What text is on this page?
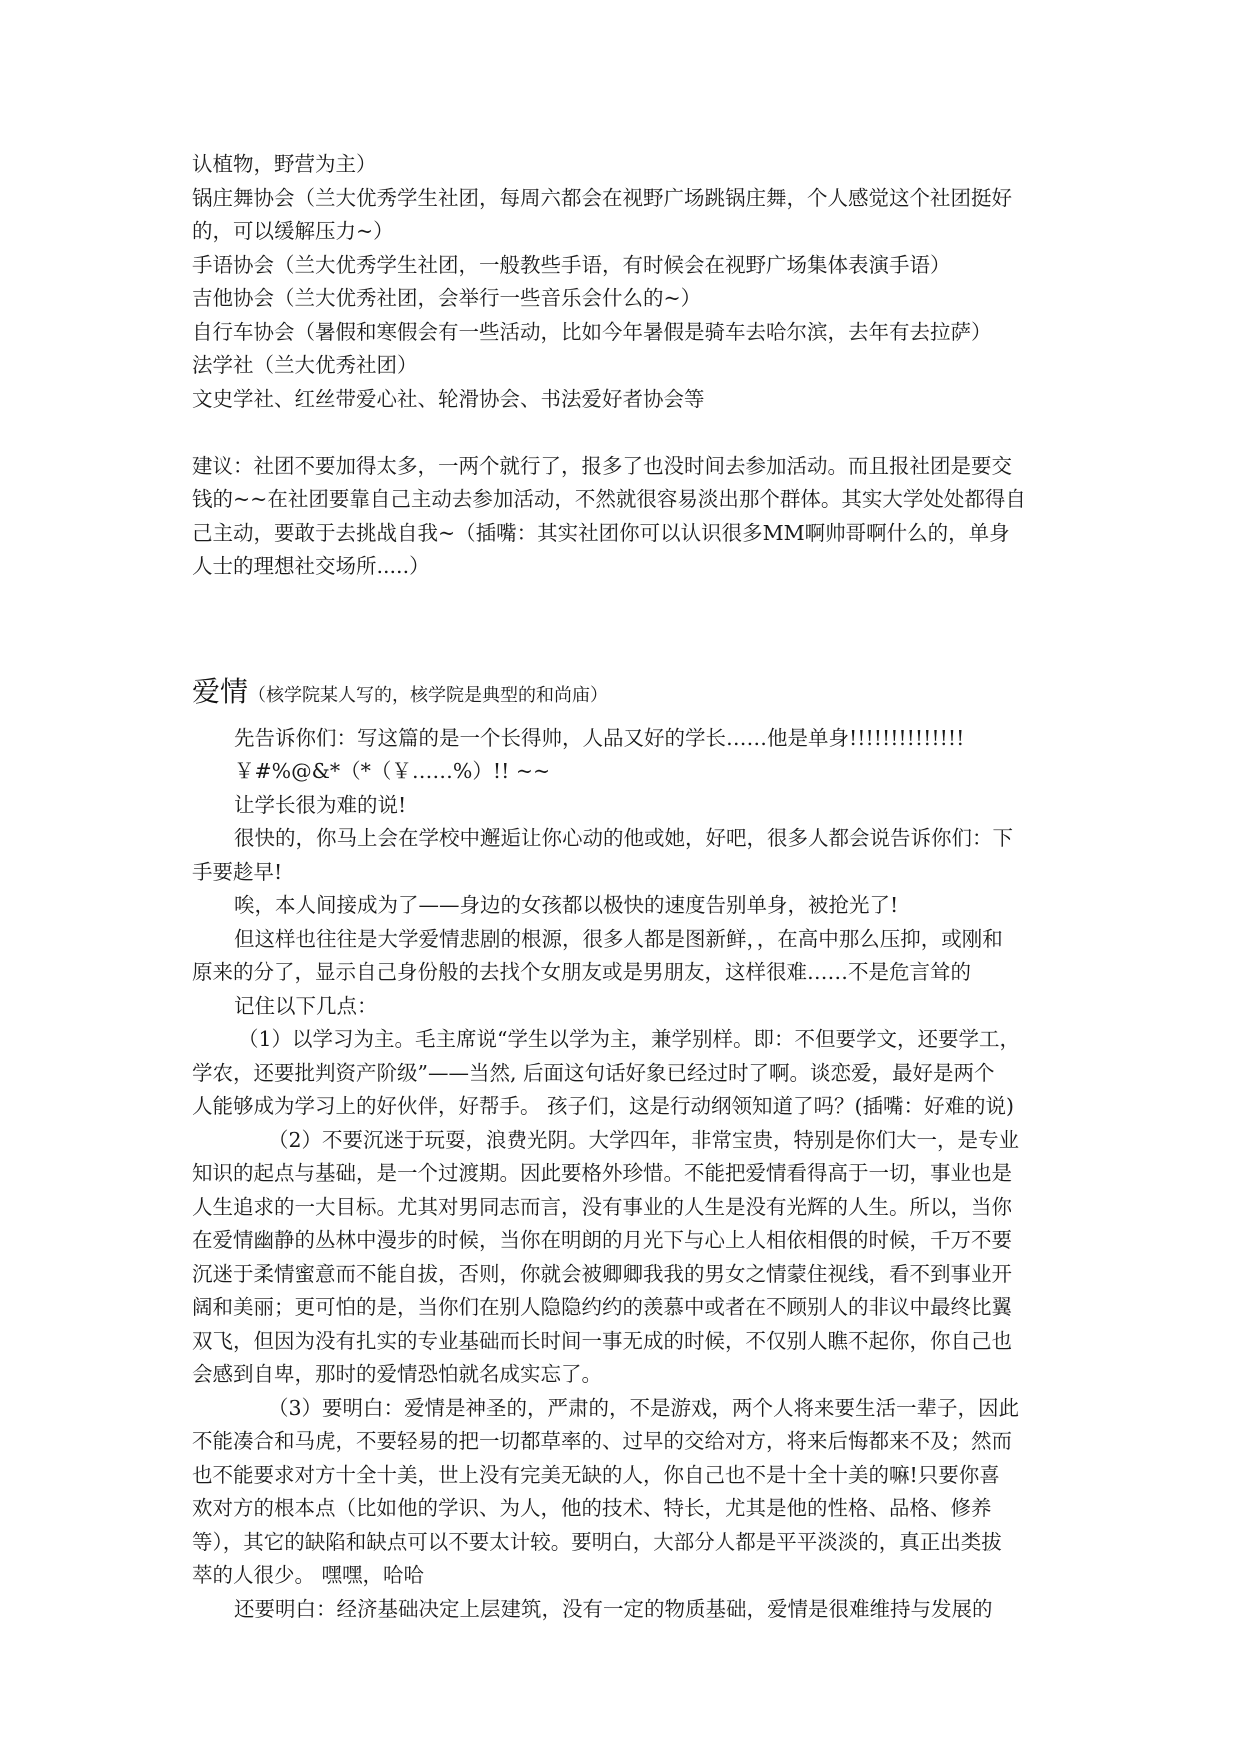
认植物，野营为主）
锅庄舞协会（兰大优秀学生社团，每周六都会在视野广场跳锅庄舞，个人感觉这个社团挺好
的，可以缓解压力~）
手语协会（兰大优秀学生社团，一般教些手语，有时候会在视野广场集体表演手语）
吉他协会（兰大优秀社团，会举行一些音乐会什么的~）
自行车协会（暑假和寒假会有一些活动，比如今年暑假是骑车去哈尔滨，去年有去拉萨）
法学社（兰大优秀社团）
文史学社、红丝带爱心社、轮滑协会、书法爱好者协会等
建议：社团不要加得太多，一两个就行了，报多了也没时间去参加活动。而且报社团是要交
钱的~~在社团要靠自己主动去参加活动，不然就很容易淡出那个群体。其实大学处处都得自
己主动，要敢于去挑战自我~（插嘴：其实社团你可以认识很多MM啊帅哥啊什么的，单身
人士的理想社交场所.....）
爱情（核学院某人写的，核学院是典型的和尚庙）
先告诉你们：写这篇的是一个长得帅，人品又好的学长……他是单身!!!!!!!!!!!!!!
￥#%@&*（*（￥……%）!! ~~
让学长很为难的说!
很快的，你马上会在学校中邂逅让你心动的他或她，好吧，很多人都会说告诉你们：下
手要趁早!
唉，本人间接成为了——身边的女孩都以极快的速度告别单身，被抢光了!
但这样也往往是大学爱情悲剧的根源，很多人都是图新鲜，，在高中那么压抑，或刚和
原来的分了，显示自己身份般的去找个女朋友或是男朋友，这样很难……不是危言耸的
记住以下几点：
（1）以学习为主。毛主席说“学生以学为主，兼学别样。即：不但要学文，还要学工，
学农，还要批判资产阶级”——当然, 后面这句话好象已经过时了啊。谈恋爱，最好是两个
人能够成为学习上的好伙伴，好帮手。 孩子们，这是行动纲领知道了吗？(插嘴：好难的说)
（2）不要沉迷于玩耍，浪费光阴。大学四年，非常宝贵，特别是你们大一，是专业
知识的起点与基础，是一个过渡期。因此要格外珍惜。不能把爱情看得高于一切，事业也是
人生追求的一大目标。尤其对男同志而言，没有事业的人生是没有光辉的人生。所以，当你
在爱情幽静的丛林中漫步的时候，当你在明朗的月光下与心上人相依相偎的时候，千万不要
沉迷于柔情蜜意而不能自拔，否则，你就会被卿卿我我的男女之情蒙住视线，看不到事业开
阔和美丽；更可怕的是，当你们在别人隐隐约约的羡慕中或者在不顾别人的非议中最终比翼
双飞，但因为没有扎实的专业基础而长时间一事无成的时候，不仅别人瞧不起你，你自己也
会感到自卑，那时的爱情恐怕就名成实忘了。
（3）要明白：爱情是神圣的，严肃的，不是游戏，两个人将来要生活一辈子，因此
不能凑合和马虎，不要轻易的把一切都草率的、过早的交给对方，将来后悔都来不及；然而
也不能要求对方十全十美，世上没有完美无缺的人，你自己也不是十全十美的嘛!只要你喜
欢对方的根本点（比如他的学识、为人，他的技术、特长，尤其是他的性格、品格、修养
等），其它的缺陷和缺点可以不要太计较。要明白，大部分人都是平平淡淡的，真正出类拔
萃的人很少。 嘿嘿，哈哈
还要明白：经济基础决定上层建筑，没有一定的物质基础，爱情是很难维持与发展的
